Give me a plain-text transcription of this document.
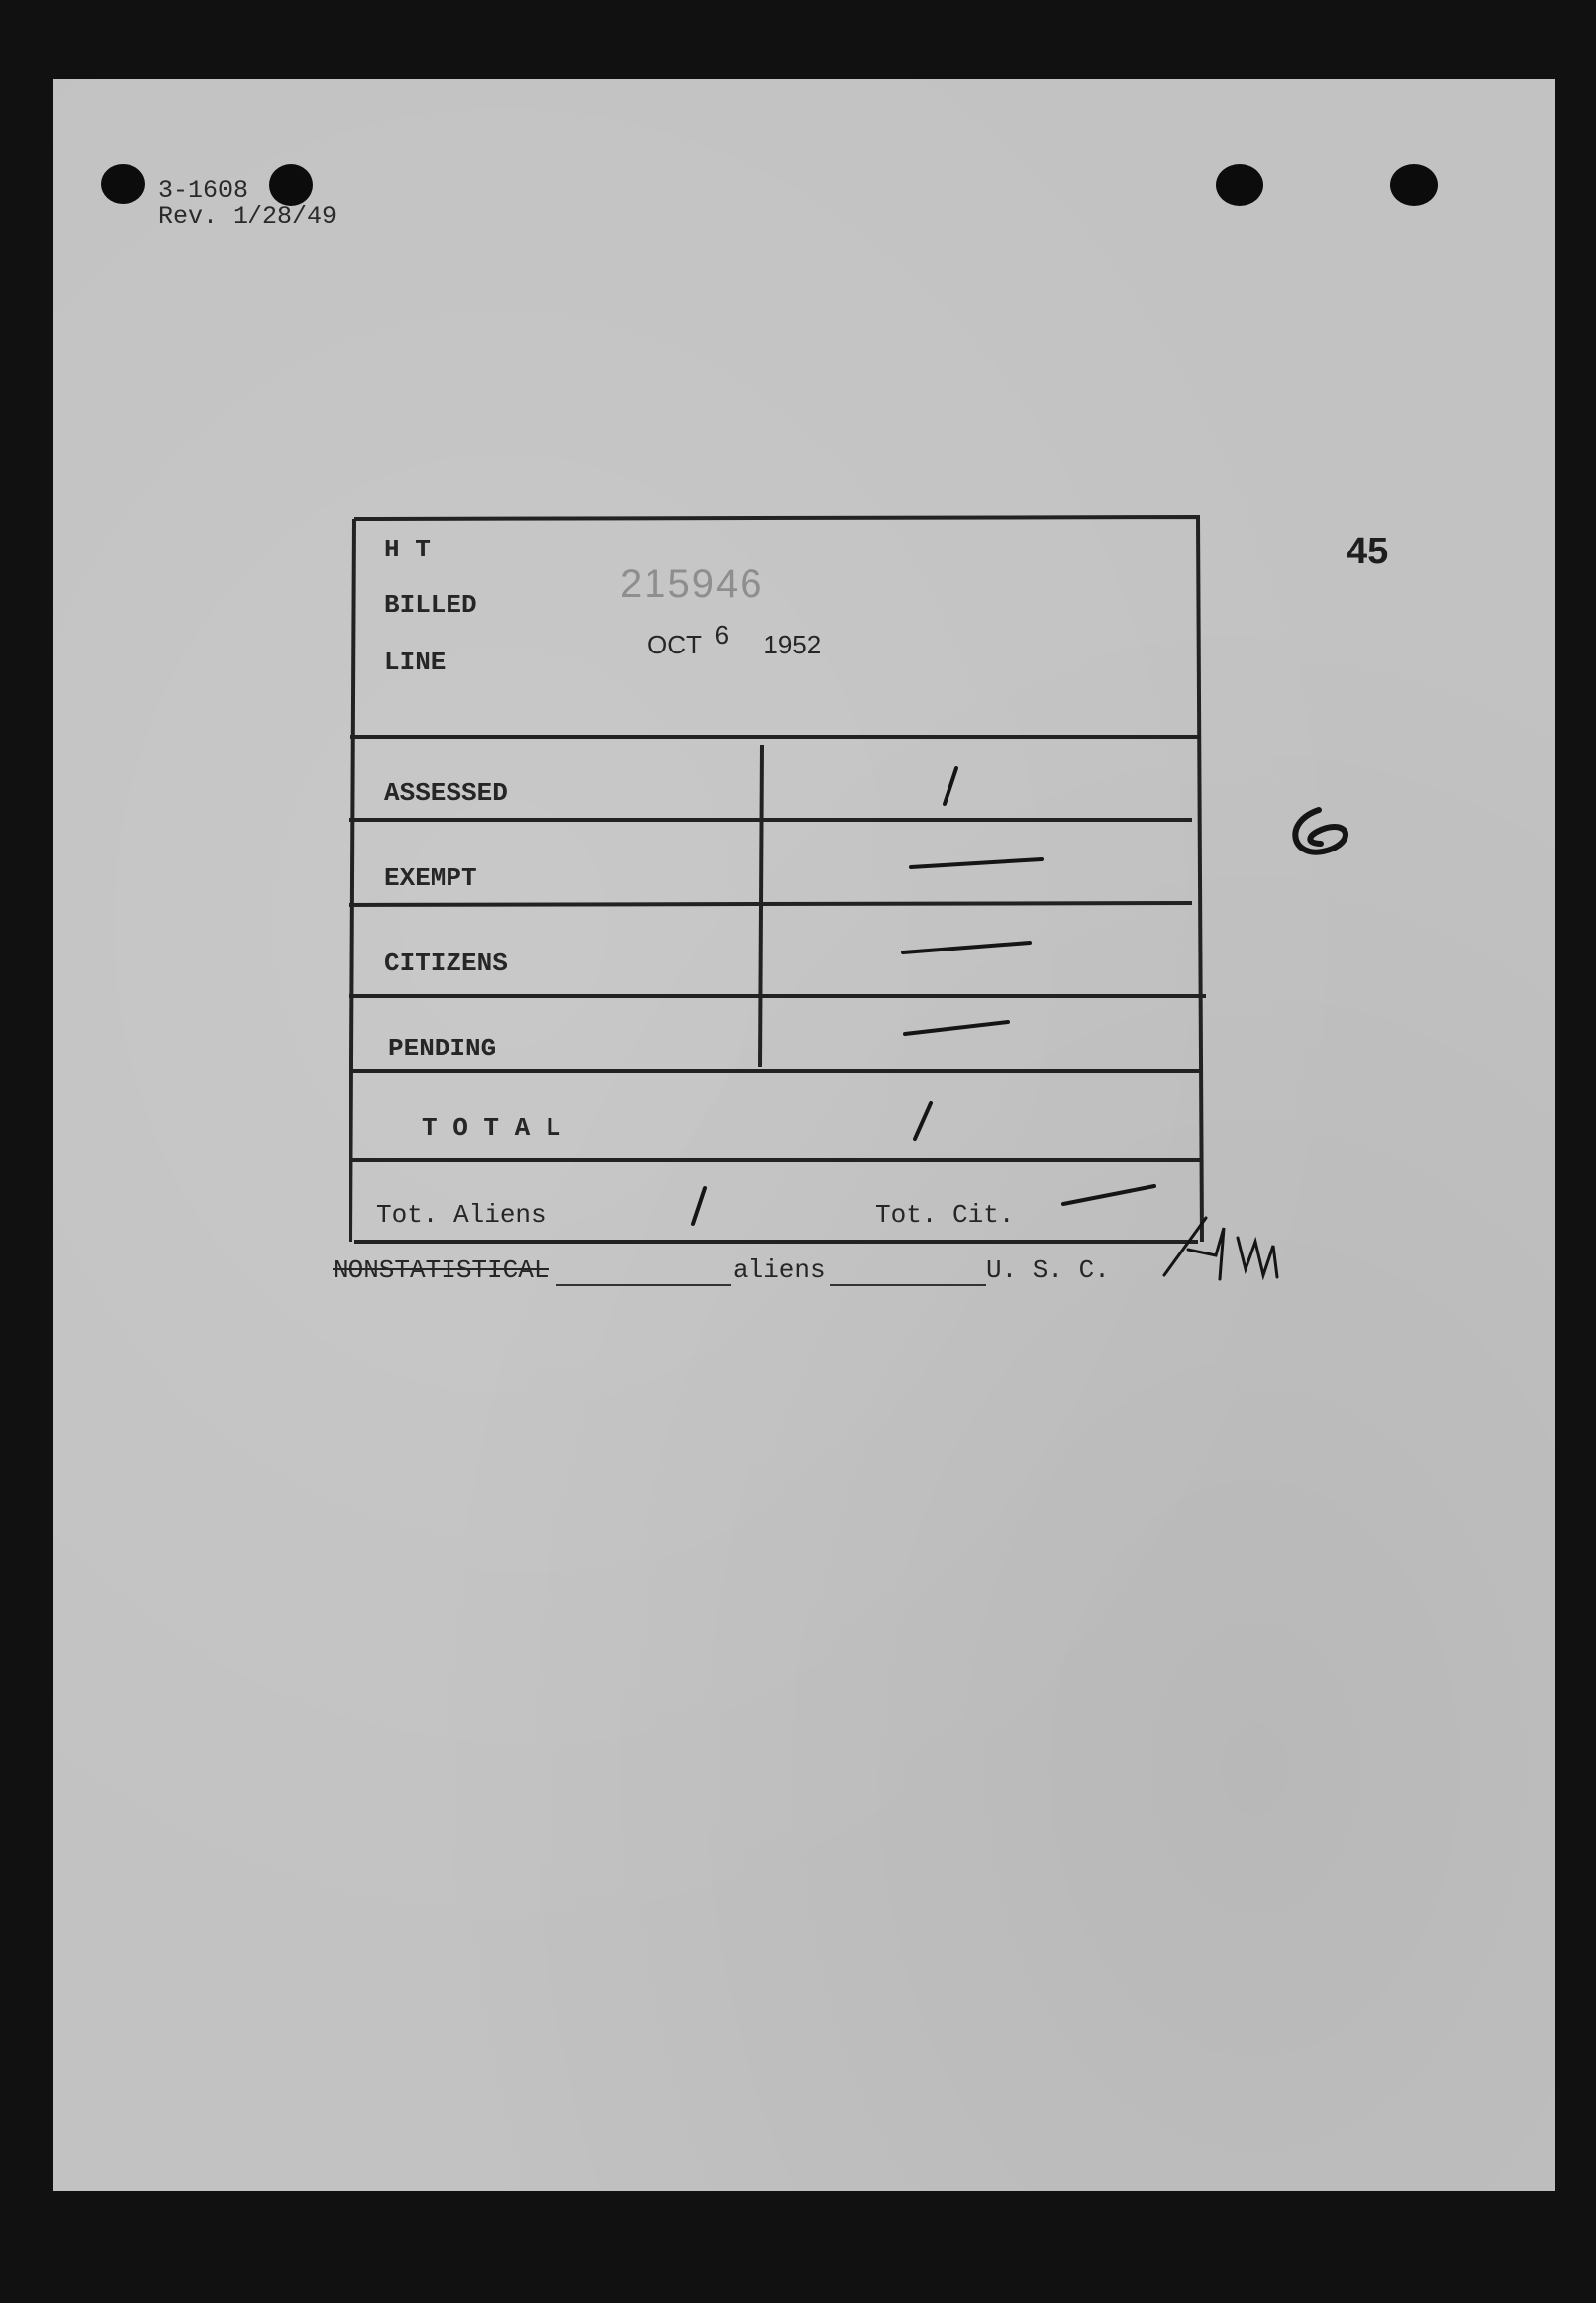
3-1608
Rev. 1/28/49
45
H T
BILLED
LINE
215946
OCT 6 1952
ASSESSED
EXEMPT
CITIZENS
PENDING
T O T A L
Tot. Aliens	Tot. Cit.
NONSTATISTICAL	aliens	U. S. C.
